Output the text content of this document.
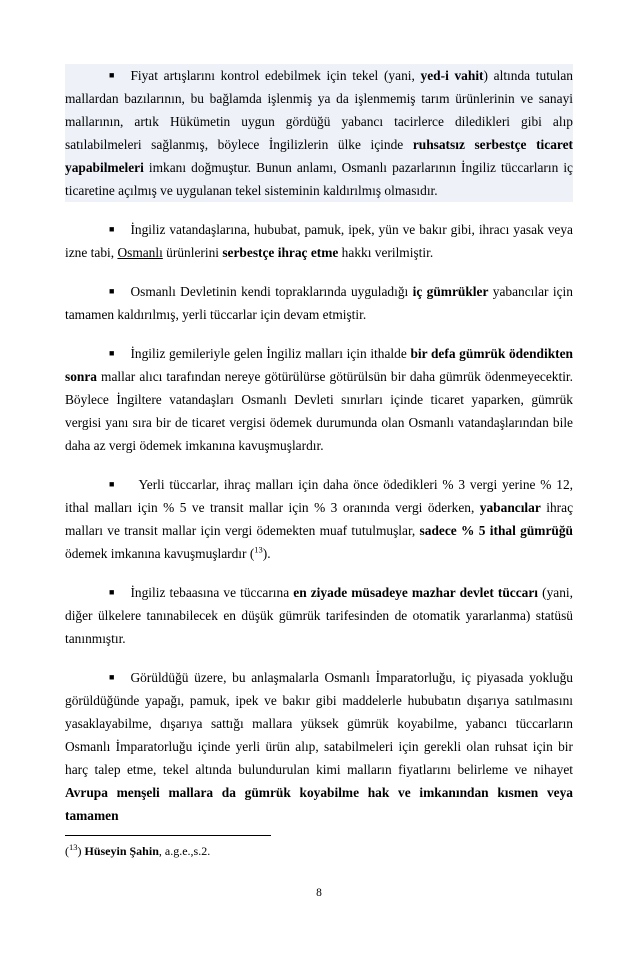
■ Fiyat artışlarını kontrol edebilmek için tekel (yani, yed-i vahit) altında tutulan mallardan bazılarının, bu bağlamda işlenmiş ya da işlenmemiş tarım ürünlerinin ve sanayi mallarının, artık Hükümetin uygun gördüğü yabancı tacirlerce diledikleri gibi alıp satılabilmeleri sağlanmış, böylece İngilizlerin ülke içinde ruhsatsız serbestçe ticaret yapabilmeleri imkanı doğmuştur. Bunun anlamı, Osmanlı pazarlarının İngiliz tüccarların iç ticaretine açılmış ve uygulanan tekel sisteminin kaldırılmış olmasıdır.

■ İngiliz vatandaşlarına, hububat, pamuk, ipek, yün ve bakır gibi, ihracı yasak veya izne tabi, Osmanlı ürünlerini serbestçe ihraç etme hakkı verilmiştir.

■ Osmanlı Devletinin kendi topraklarında uyguladığı iç gümrükler yabancılar için tamamen kaldırılmış, yerli tüccarlar için devam etmiştir.

■ İngiliz gemileriyle gelen İngiliz malları için ithalde bir defa gümrük ödendikten sonra mallar alıcı tarafından nereye götürülürse götürülsün bir daha gümrük ödenmeyecektir. Böylece İngiltere vatandaşları Osmanlı Devleti sınırları içinde ticaret yaparken, gümrük vergisi yanı sıra bir de ticaret vergisi ödemek durumunda olan Osmanlı vatandaşlarından bile daha az vergi ödemek imkanına kavuşmuşlardır.

■ Yerli tüccarlar, ihraç malları için daha önce ödedikleri % 3 vergi yerine % 12, ithal malları için % 5 ve transit mallar için % 3 oranında vergi öderken, yabancılar ihraç malları ve transit mallar için vergi ödemekten muaf tutulmuşlar, sadece % 5 ithal gümrüğü ödemek imkanına kavuşmuşlardır ($^{13}$).

■ İngiliz tebaasına ve tüccarına en ziyade müsadeye mazhar devlet tüccarı (yani, diğer ülkelere tanınabilecek en düşük gümrük tarifesinden de otomatik yararlanma) statüsü tanınmıştır.

■ Görüldüğü üzere, bu anlaşmalarla Osmanlı İmparatorluğu, iç piyasada yokluğu görüldüğünde yapağı, pamuk, ipek ve bakır gibi maddelerle hububatın dışarıya satılmasını yasaklayabilme, dışarıya sattığı mallara yüksek gümrük koyabilme, yabancı tüccarların Osmanlı İmparatorluğu içinde yerli ürün alıp, satabilmeleri için gerekli olan ruhsat için bir harç talep etme, tekel altında bulundurulan kimi malların fiyatlarını belirleme ve nihayet Avrupa menşeli mallara da gümrük koyabilme hak ve imkanından kısmen veya tamamen

($^{13}$) Hüseyin Şahin, a.g.e.,s.2.
8
